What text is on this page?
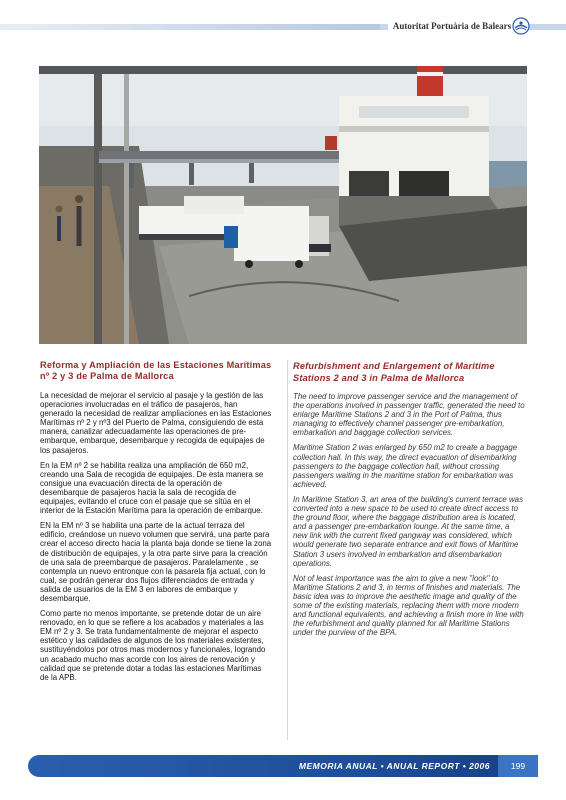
Autoritat Portuària de Balears
Reforma y Ampliación de las Estaciones Marítimas nº 2 y 3 de Palma de Mallorca

La necesidad de mejorar el servicio al pasaje y la gestión de las operaciones involucradas en el tráfico de pasajeros, han generado la necesidad de realizar ampliaciones en las Estaciones Marítimas nº 2 y nº3 del Puerto de Palma, consiguiendo de esta manera, canalizar adecuadamente las operaciones de pre-embarque, embarque, desembarque y recogida de equipajes de los pasajeros.

En la EM nº 2 se habilita realiza una ampliación de 650 m2, creando una Sala de recogida de equipajes. De esta manera se consigue una evacuación directa de la operación de desembarque de pasajeros hacia la sala de recogida de equipajes, evitando el cruce con el pasaje que se sitúa en el interior de la Estación Marítima para la operación de embarque.

EN la EM nº 3 se habilita una parte de la actual terraza del edificio, creándose un nuevo volumen que servirá, una parte para crear el acceso directo hacia la planta baja donde se tiene la zona de distribución de equipajes, y la otra parte sirve para la creación de una sala de preembarque de pasajeros. Paralelamente , se contempla un nuevo entronque con la pasarela fija actual, con lo cual, se podrán generar dos flujos diferenciados de entrada y salida de usuarios de la EM 3 en labores de embarque y desembarque.

Como parte no menos importante, se pretende dotar de un aire renovado, en lo que se refiere a los acabados y materiales a las EM nº 2 y 3. Se trata fundamentalmente de mejorar el aspecto estético y las calidades de algunos de los materiales existentes, sustituyéndolos por otros mas modernos y funcionales, logrando un acabado mucho mas acorde con los aires de renovación y calidad que se pretende dotar a todas las estaciones Marítimas de la APB.

Refurbishment and Enlargement of Maritime Stations 2 and 3 in Palma de Mallorca

The need to improve passenger service and the management of the operations involved in passenger traffic, generated the need to enlarge Maritime Stations 2 and 3 in the Port of Palma, thus managing to effectively channel passenger pre-embarkation, embarkation and baggage collection services.

Maritime Station 2 was enlarged by 650 m2 to create a baggage collection hall. In this way, the direct evacuation of disembarking passengers to the baggage collection hall, without crossing passengers waiting in the maritime station for embarkation was achieved.

In Maritime Station 3, an area of the building's current terrace was converted into a new space to be used to create direct access to the ground floor, where the baggage distribution area is located, and a passenger pre-embarkation lounge. At the same time, a new link with the current fixed gangway was considered, which would generate two separate entrance and exit flows of Maritime Station 3 users involved in embarkation and disembarkation operations.

Not of least importance was the aim to give a new "look" to Maritime Stations 2 and 3, in terms of finishes and materials. The basic idea was to improve the aesthetic image and quality of the some of the existing materials, replacing them with more modern and functional equivalents, and achieving a finish more in line with the refurbishment and quality planned for all Maritime Stations under the purview of the BPA.

MEMORIA ANUAL • ANUAL REPORT • 2006	199
